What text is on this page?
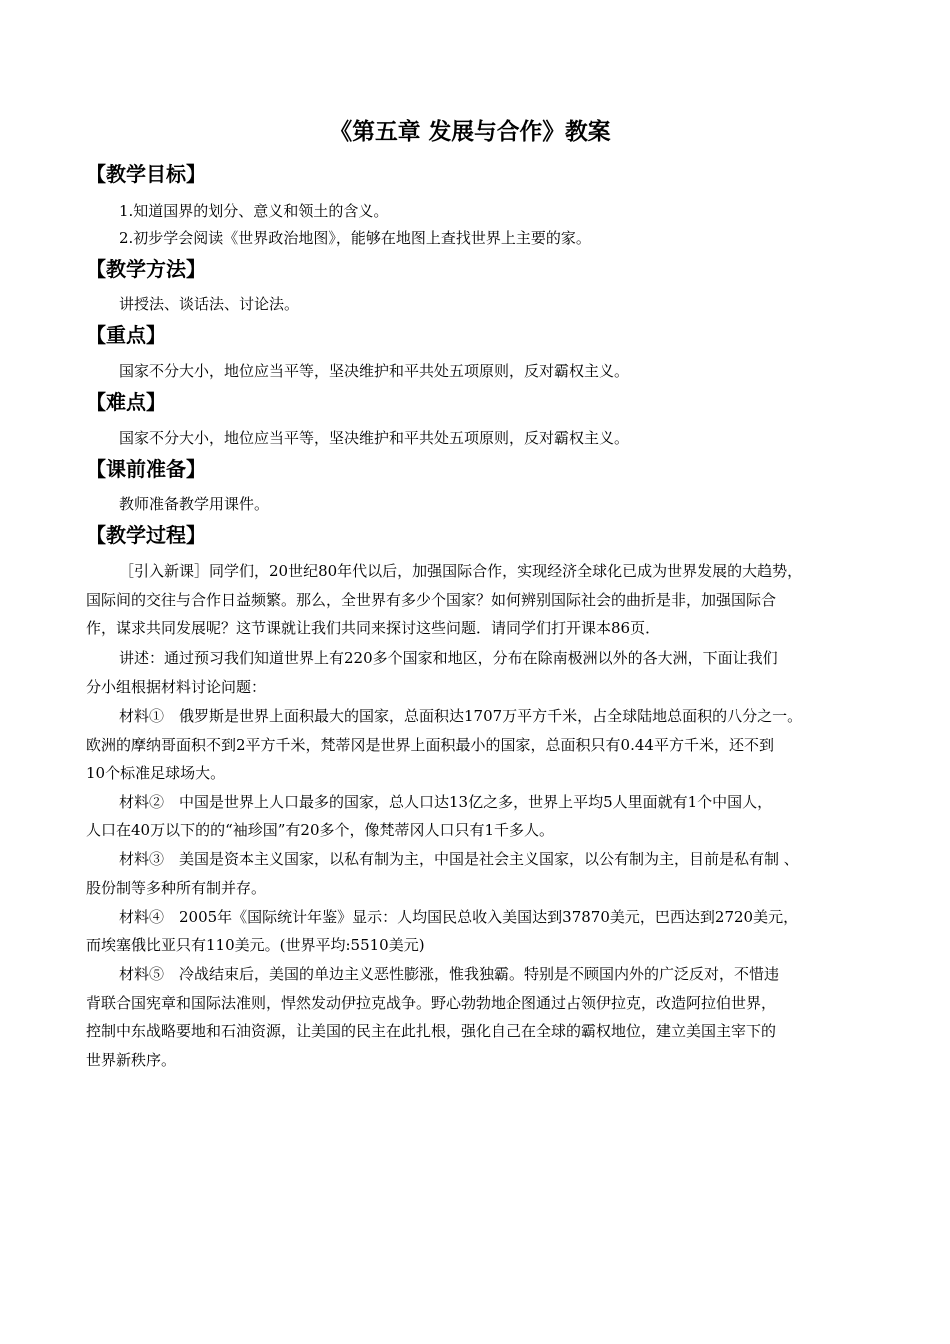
《第五章 发展与合作》教案
【教学目标】
1.知道国界的划分、意义和领土的含义。
2.初步学会阅读《世界政治地图》，能够在地图上查找世界上主要的家。
【教学方法】
讲授法、谈话法、讨论法。
【重点】
国家不分大小，地位应当平等，坚决维护和平共处五项原则，反对霸权主义。
【难点】
国家不分大小，地位应当平等，坚决维护和平共处五项原则，反对霸权主义。
【课前准备】
教师准备教学用课件。
【教学过程】
［引入新课］同学们，20世纪80年代以后，加强国际合作，实现经济全球化已成为世界发展的大趋势，
国际间的交往与合作日益频繁。那么，全世界有多少个国家？如何辨别国际社会的曲折是非，加强国际合
作，谋求共同发展呢？这节课就让我们共同来探讨这些问题．请同学们打开课本86页．
讲述：通过预习我们知道世界上有220多个国家和地区，分布在除南极洲以外的各大洲，下面让我们
分小组根据材料讨论问题：
材料①　俄罗斯是世界上面积最大的国家，总面积达1707万平方千米，占全球陆地总面积的八分之一。
欧洲的摩纳哥面积不到2平方千米，梵蒂冈是世界上面积最小的国家，总面积只有0.44平方千米，还不到
10个标准足球场大。
材料②　中国是世界上人口最多的国家，总人口达13亿之多，世界上平均5人里面就有1个中国人，
人口在40万以下的的“袖珍国”有20多个，像梵蒂冈人口只有1千多人。
材料③　美国是资本主义国家，以私有制为主，中国是社会主义国家，以公有制为主，目前是私有制 、
股份制等多种所有制并存。
材料④　2005年《国际统计年鉴》显示：人均国民总收入美国达到37870美元，巴西达到2720美元，
而埃塞俄比亚只有110美元。(世界平均:5510美元)
材料⑤　冷战结束后，美国的单边主义恶性膨涨，惟我独霸。特别是不顾国内外的广泛反对，不惜违
背联合国宪章和国际法准则，悍然发动伊拉克战争。野心勃勃地企图通过占领伊拉克，改造阿拉伯世界，
控制中东战略要地和石油资源，让美国的民主在此扎根，强化自己在全球的霸权地位，建立美国主宰下的
世界新秩序。
